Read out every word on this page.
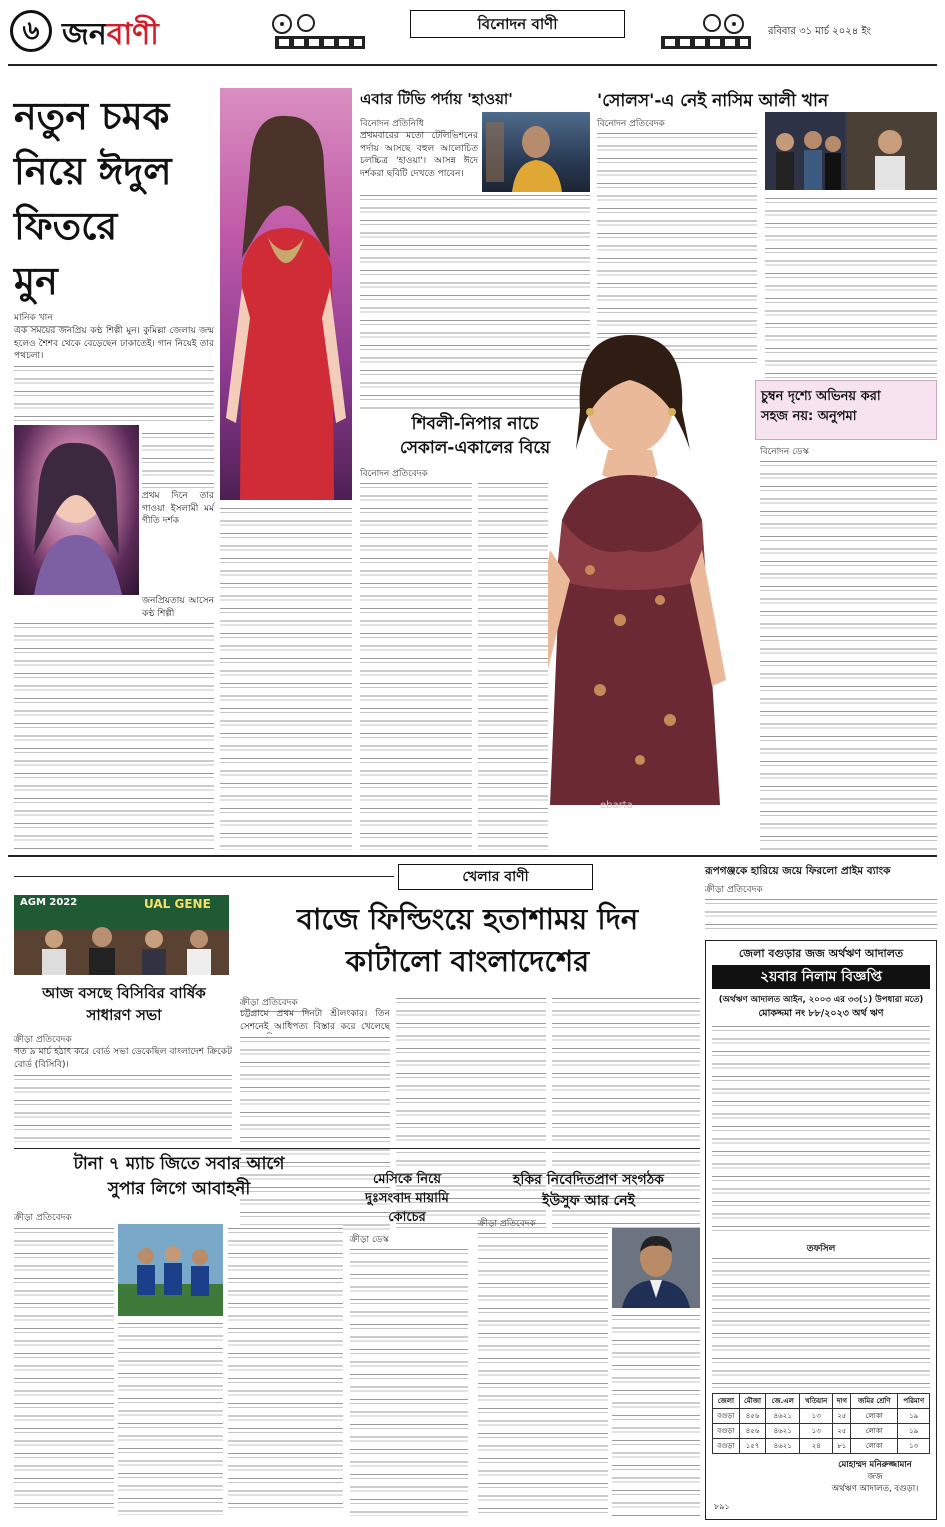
৬ জনবাণী	বিনোদন বাণী	রবিবার ৩১ মার্চ ২০২৪ ইং
নতুন চমক
নিয়ে ঈদুল
ফিতরে
মুন
মানিক খান
এক সময়ের জনপ্রিয় কণ্ঠ শিল্পী মুন। কুমিল্লা জেলায় জন্ম হলেও শৈশব থেকে বেড়েছেন ঢাকাতেই। গান নিয়েই তার পথচলা।
প্রথম দিনে তার গাওয়া ইসলামী মর্ম গীতি দর্শক
জনপ্রিয়তায় আসেন কণ্ঠ শিল্পী
এবার টিভি পর্দায় 'হাওয়া'
বিনোদন প্রতিনিধি
প্রথমবারের মতো টেলিভিশনের পর্দায় আসছে বহুল আলোচিত চলচ্চিত্র 'হাওয়া'। আসন্ন ঈদে দর্শকরা ছবিটি দেখতে পাবেন।
'সোলস'-এ নেই নাসিম আলী খান
বিনোদন প্রতিবেদক
শিবলী-নিপার নাচে
সেকাল-একালের বিয়ে
বিনোদন প্রতিবেদক
চুম্বন দৃশ্যে অভিনয় করা
সহজ নয়: অনুপমা
বিনোদন ডেস্ক
ebarta
খেলার বাণী	রূপগঞ্জকে হারিয়ে জয়ে ফিরলো প্রাইম ব্যাংক
ক্রীড়া প্রতিবেদক
AGM 2022	UAL GENE	বাজে ফিল্ডিংয়ে হতাশাময় দিন
কাটালো বাংলাদেশের
ক্রীড়া প্রতিবেদক
চট্টগ্রামে প্রথম দিনটা শ্রীলংকার। তিন সেশনেই আধিপত্য বিস্তার করে খেলেছে
আজ বসছে বিসিবির বার্ষিক
সাধারণ সভা
ক্রীড়া প্রতিবেদক
গত ৯ মার্চ হঠাৎ করে বোর্ড সভা ডেকেছিল বাংলাদেশ ক্রিকেট বোর্ড (বিসিবি)।
টানা ৭ ম্যাচ জিতে সবার আগে
সুপার লিগে আবাহনী
ক্রীড়া প্রতিবেদক
মেসিকে নিয়ে
দুঃসংবাদ মায়ামি
কোচের
ক্রীড়া ডেস্ক
হকির নিবেদিতপ্রাণ সংগঠক
ইউসুফ আর নেই
ক্রীড়া প্রতিবেদক
জেলা বগুড়ার জজ অর্থঋণ আদালত
২য়বার নিলাম বিজ্ঞপ্তি
(অর্থঋণ আদালত আইন, ২০০৩ এর ৩৩(১) উপধারা মতে)
মোকদ্দমা নং ৮৮/২০২৩ অর্থ ঋণ
তফসিল
জেলা	মৌজা	জে.এল	খতিয়ান	দাগ	জমির শ্রেণি	পরিমাণ
বগুড়া	৪৫৬	৪৬২১	১৩	২৫	লোকা	১৯
বগুড়া	৪৫৬	৪৬২১	১৩	২৫	লোকা	১৯
বগুড়া	১৫৭	৪৬২১	২৪	৮১	লোকা	১৩
মোহাম্মদ মনিরুজ্জামান
জজ
অর্থঋণ আদালত, বগুড়া।
৮৯১
